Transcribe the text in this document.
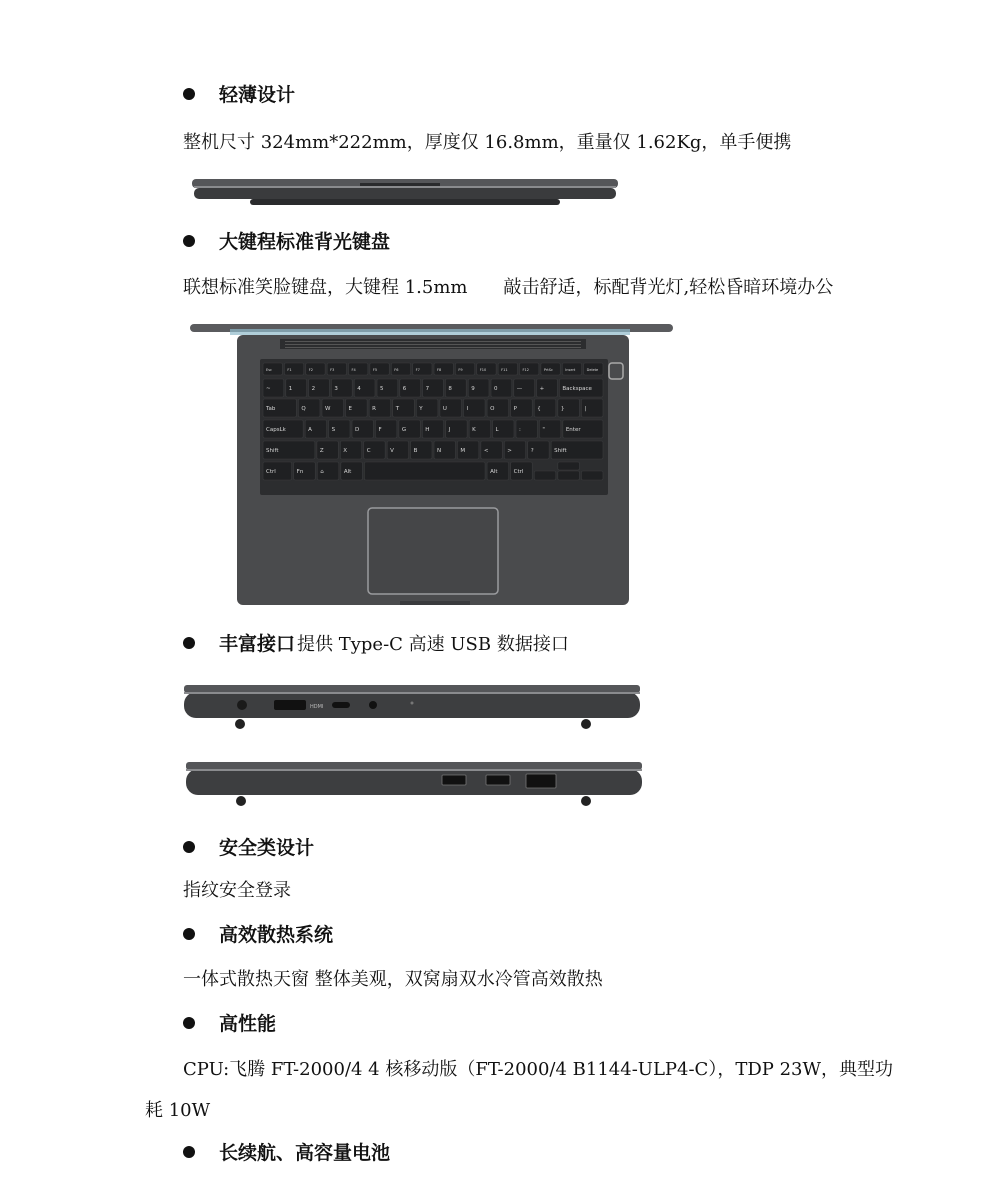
轻薄设计
整机尺寸 324mm*222mm，厚度仅 16.8mm，重量仅 1.62Kg，单手便携
大键程标准背光键盘
联想标准笑脸键盘，大键程 1.5mm　　敲击舒适，标配背光灯,轻松昏暗环境办公
Esc	F1	F2	F3	F4	F5	F6	F7	F8	F9	F10	F11	F12	PrtSc	Insert	Delete
~	1	2	3	4	5	6	7	8	9	0	—	+	Backspace
Tab	Q	W	E	R	T	Y	U	I	O	P	{	}	|
CapsLk	A	S	D	F	G	H	J	K	L	:	"	Enter
Shift	Z	X	C	V	B	N	M	<	>	?	Shift
Ctrl	Fn	⌂	Alt	Alt	Ctrl
丰富接口 提供 Type-C 高速 USB 数据接口
HDMI
安全类设计
指纹安全登录
高效散热系统
一体式散热天窗 整体美观，双窝扇双水冷管高效散热
高性能
CPU:飞腾 FT-2000/4 4 核移动版（FT-2000/4 B1144-ULP4-C），TDP 23W，典型功
耗 10W
长续航、高容量电池
